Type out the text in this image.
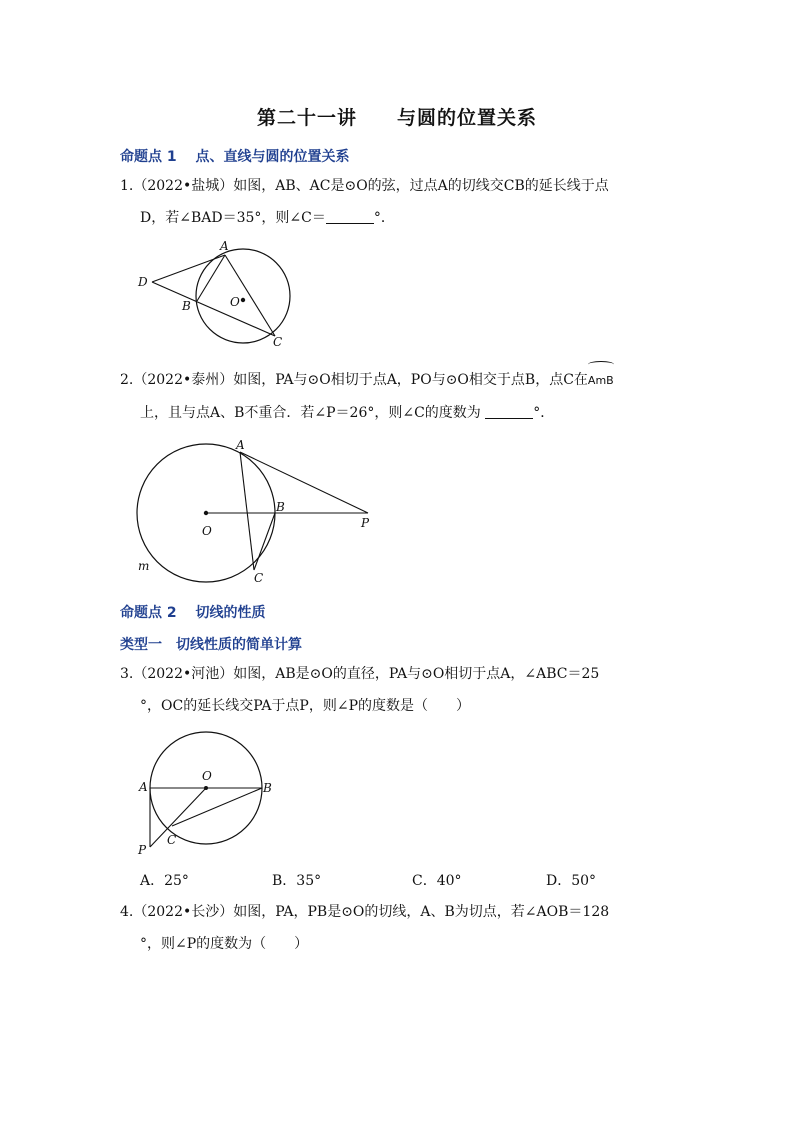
第二十一讲 与圆的位置关系
命题点 1　 点、直线与圆的位置关系
1.（2022•盐城）如图，AB、AC是⊙O的弦，过点A的切线交CB的延长线于点
D，若∠BAD＝35°，则∠C＝	°．
A
B
C
D
O
2.（2022•泰州）如图，PA与⊙O相切于点A，PO与⊙O相交于点B，点C在AmB
上，且与点A、B不重合．若∠P＝26°，则∠C的度数为	°．
A
B
C
O
P
m
命题点 2　 切线的性质
类型一　切线性质的简单计算
3.（2022•河池）如图，AB是⊙O的直径，PA与⊙O相切于点A，∠ABC＝25
°，OC的延长线交PA于点P，则∠P的度数是（　　）
O
A	B
C
P
A．25°	B．35°	C．40°	D．50°
4.（2022•长沙）如图，PA，PB是⊙O的切线，A、B为切点，若∠AOB＝128
°，则∠P的度数为（　　）
